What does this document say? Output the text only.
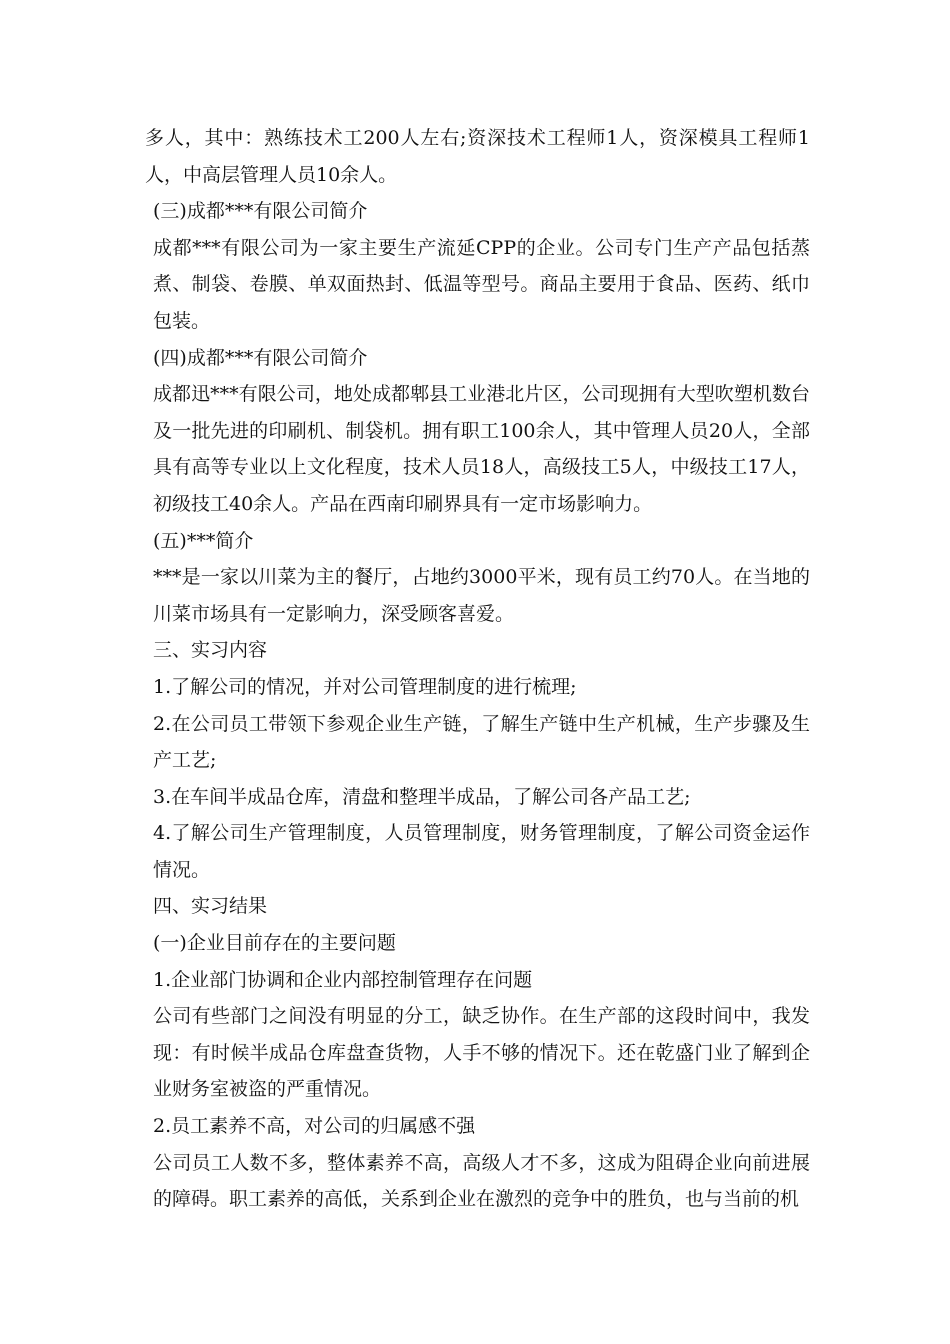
多人，其中：熟练技术工200人左右;资深技术工程师1人，资深模具工程师1人，中高层管理人员10余人。

(三)成都***有限公司简介

成都***有限公司为一家主要生产流延CPP的企业。公司专门生产产品包括蒸煮、制袋、卷膜、单双面热封、低温等型号。商品主要用于食品、医药、纸巾包装。

(四)成都***有限公司简介

成都迅***有限公司，地处成都郫县工业港北片区，公司现拥有大型吹塑机数台及一批先进的印刷机、制袋机。拥有职工100余人，其中管理人员20人，全部具有高等专业以上文化程度，技术人员18人，高级技工5人，中级技工17人，初级技工40余人。产品在西南印刷界具有一定市场影响力。

(五)***简介

***是一家以川菜为主的餐厅，占地约3000平米，现有员工约70人。在当地的川菜市场具有一定影响力，深受顾客喜爱。

三、实习内容

1.了解公司的情况，并对公司管理制度的进行梳理;

2.在公司员工带领下参观企业生产链，了解生产链中生产机械，生产步骤及生产工艺;

3.在车间半成品仓库，清盘和整理半成品，了解公司各产品工艺;

4.了解公司生产管理制度，人员管理制度，财务管理制度，了解公司资金运作情况。

四、实习结果

(一)企业目前存在的主要问题

1.企业部门协调和企业内部控制管理存在问题

公司有些部门之间没有明显的分工，缺乏协作。在生产部的这段时间中，我发现：有时候半成品仓库盘查货物，人手不够的情况下。还在乾盛门业了解到企业财务室被盗的严重情况。

2.员工素养不高，对公司的归属感不强

公司员工人数不多，整体素养不高，高级人才不多，这成为阻碍企业向前进展的障碍。职工素养的高低，关系到企业在激烈的竞争中的胜负，也与当前的机
